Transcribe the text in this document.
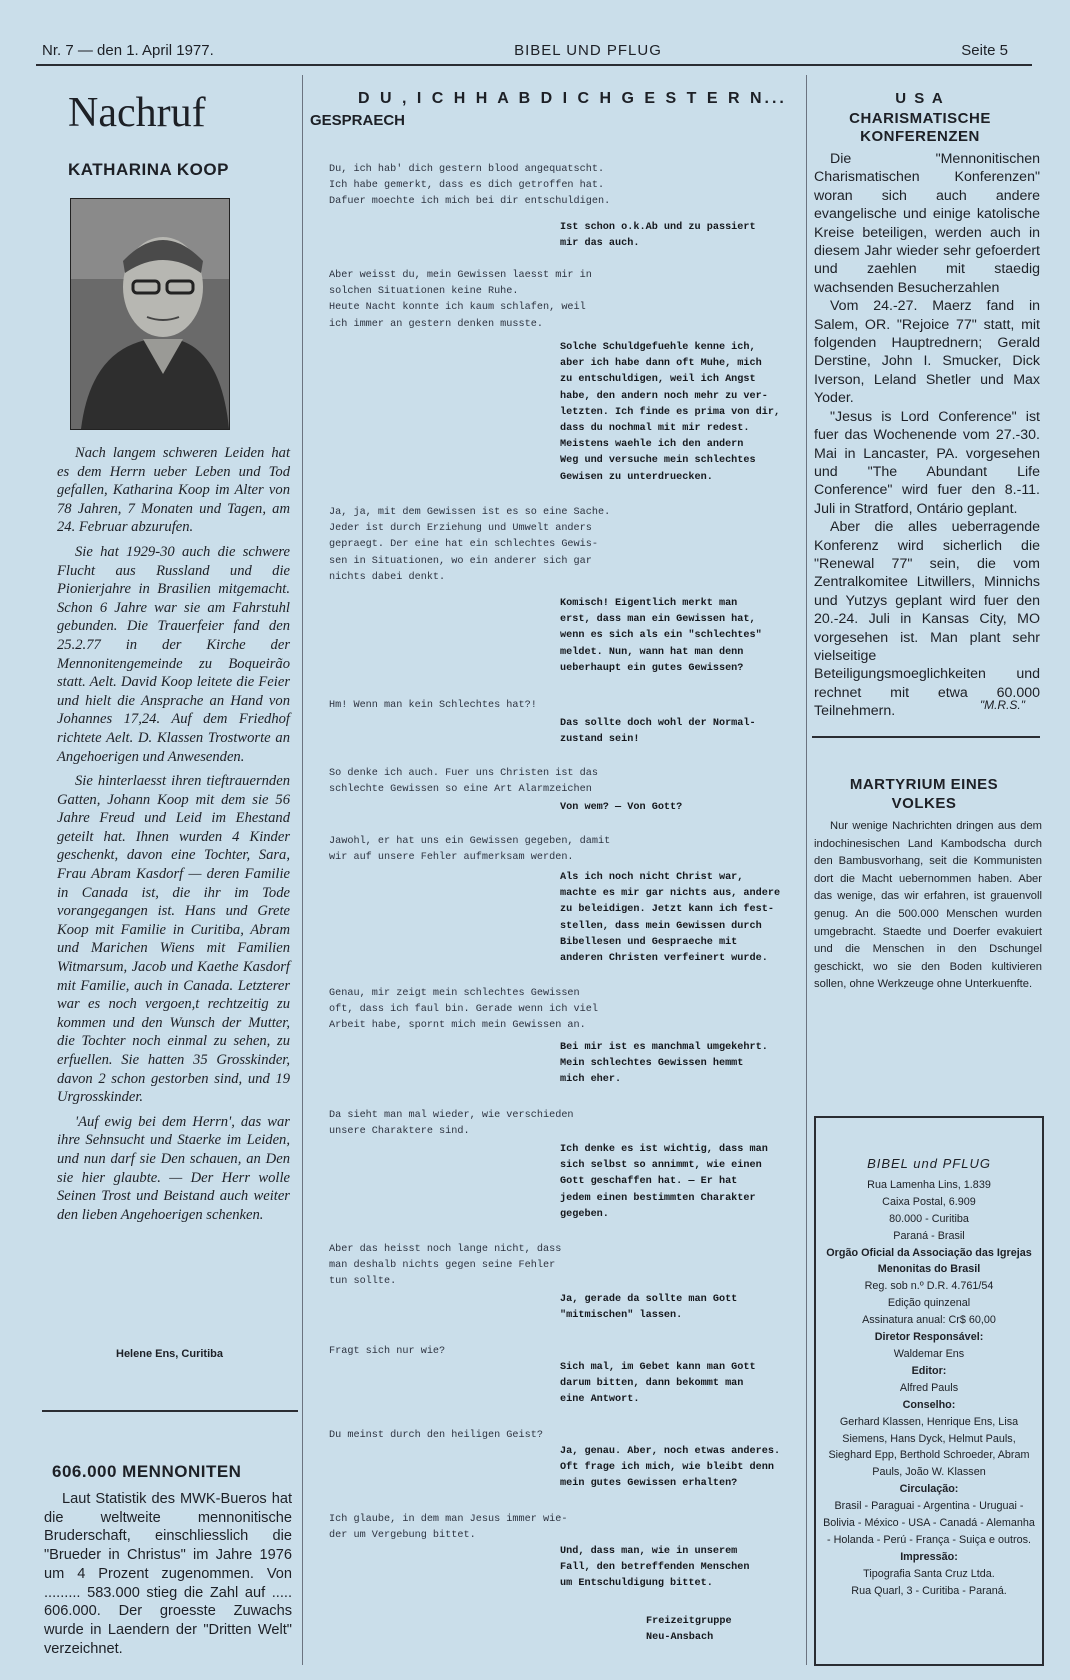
Nr. 7 — den 1. April 1977.	BIBEL UND PFLUG	Seite 5
Nachruf
KATHARINA KOOP

Nach langem schweren Leiden hat es dem Herrn ueber Leben und Tod gefallen, Katharina Koop im Alter von 78 Jahren, 7 Monaten und Tagen, am 24. Februar abzurufen.

Sie hat 1929-30 auch die schwere Flucht aus Russland und die Pionierjahre in Brasilien mitgemacht. Schon 6 Jahre war sie am Fahrstuhl gebunden. Die Trauerfeier fand den 25.2.77 in der Kirche der Mennonitengemeinde zu Boqueirão statt. Aelt. David Koop leitete die Feier und hielt die Ansprache an Hand von Johannes 17,24. Auf dem Friedhof richtete Aelt. D. Klassen Trostworte an Angehoerigen und Anwesenden.

Sie hinterlaesst ihren tieftrauernden Gatten, Johann Koop mit dem sie 56 Jahre Freud und Leid im Ehestand geteilt hat. Ihnen wurden 4 Kinder geschenkt, davon eine Tochter, Sara, Frau Abram Kasdorf — deren Familie in Canada ist, die ihr im Tode vorangegangen ist. Hans und Grete Koop mit Familie in Curitiba, Abram und Marichen Wiens mit Familien Witmarsum, Jacob und Kaethe Kasdorf mit Familie, auch in Canada. Letzterer war es noch vergoen,t rechtzeitig zu kommen und den Wunsch der Mutter, die Tochter noch einmal zu sehen, zu erfuellen. Sie hatten 35 Grosskinder, davon 2 schon gestorben sind, und 19 Urgrosskinder.

'Auf ewig bei dem Herrn', das war ihre Sehnsucht und Staerke im Leiden, und nun darf sie Den schauen, an Den sie hier glaubte. — Der Herr wolle Seinen Trost und Beistand auch weiter den lieben Angehoerigen schenken.

Helene Ens, Curitiba
606.000 MENNONITEN

Laut Statistik des MWK-Bueros hat die weltweite mennonitische Bruderschaft, einschliesslich die "Brueder in Christus" im Jahre 1976 um 4 Prozent zugenommen. Von ......... 583.000 stieg die Zahl auf ..... 606.000. Der groesste Zuwachs wurde in Laendern der "Dritten Welt" verzeichnet.

D U , I C H H A B D I C H G E S T E R N...
GESPRAECH
Du, ich hab' dich gestern blood angequatscht.
Ich habe gemerkt, dass es dich getroffen hat.
Dafuer moechte ich mich bei dir entschuldigen.
Aber weisst du, mein Gewissen laesst mir in
solchen Situationen keine Ruhe.
Heute Nacht konnte ich kaum schlafen, weil
ich immer an gestern denken musste.
Ja, ja, mit dem Gewissen ist es so eine Sache.
Jeder ist durch Erziehung und Umwelt anders
gepraegt. Der eine hat ein schlechtes Gewis-
sen in Situationen, wo ein anderer sich gar
nichts dabei denkt.
Hm! Wenn man kein Schlechtes hat?!
So denke ich auch. Fuer uns Christen ist das
schlechte Gewissen so eine Art Alarmzeichen
Jawohl, er hat uns ein Gewissen gegeben, damit
wir auf unsere Fehler aufmerksam werden.
Genau, mir zeigt mein schlechtes Gewissen
oft, dass ich faul bin. Gerade wenn ich viel
Arbeit habe, spornt mich mein Gewissen an.
Da sieht man mal wieder, wie verschieden
unsere Charaktere sind.
Aber das heisst noch lange nicht, dass
man deshalb nichts gegen seine Fehler
tun sollte.
Fragt sich nur wie?
Du meinst durch den heiligen Geist?
Ich glaube, in dem man Jesus immer wie-
der um Vergebung bittet.
Ist schon o.k.Ab und zu passiert
mir das auch.
Solche Schuldgefuehle kenne ich,
aber ich habe dann oft Muhe, mich
zu entschuldigen, weil ich Angst
habe, den andern noch mehr zu ver-
letzten. Ich finde es prima von dir,
dass du nochmal mit mir redest.
Meistens waehle ich den andern
Weg und versuche mein schlechtes
Gewisen zu unterdruecken.
Komisch! Eigentlich merkt man
erst, dass man ein Gewissen hat,
wenn es sich als ein "schlechtes"
meldet. Nun, wann hat man denn
ueberhaupt ein gutes Gewissen?
Das sollte doch wohl der Normal-
zustand sein!
Von wem? — Von Gott?
Als ich noch nicht Christ war,
machte es mir gar nichts aus, andere
zu beleidigen. Jetzt kann ich fest-
stellen, dass mein Gewissen durch
Bibellesen und Gespraeche mit
anderen Christen verfeinert wurde.
Bei mir ist es manchmal umgekehrt.
Mein schlechtes Gewissen hemmt
mich eher.
Ich denke es ist wichtig, dass man
sich selbst so annimmt, wie einen
Gott geschaffen hat. — Er hat
jedem einen bestimmten Charakter
gegeben.
Ja, gerade da sollte man Gott
"mitmischen" lassen.
Sich mal, im Gebet kann man Gott
darum bitten, dann bekommt man
eine Antwort.
Ja, genau. Aber, noch etwas anderes.
Oft frage ich mich, wie bleibt denn
mein gutes Gewissen erhalten?
Und, dass man, wie in unserem
Fall, den betreffenden Menschen
um Entschuldigung bittet.
Freizeitgruppe
Neu-Ansbach
U S A
CHARISMATISCHE
KONFERENZEN

Die "Mennonitischen Charismatischen Konferenzen" woran sich auch andere evangelische und einige katolische Kreise beteiligen, werden auch in diesem Jahr wieder sehr gefoerdert und zaehlen mit staedig wachsenden Besucherzahlen

Vom 24.-27. Maerz fand in Salem, OR. "Rejoice 77" statt, mit folgenden Hauptrednern; Gerald Derstine, John I. Smucker, Dick Iverson, Leland Shetler und Max Yoder.

"Jesus is Lord Conference" ist fuer das Wochenende vom 27.-30. Mai in Lancaster, PA. vorgesehen und "The Abundant Life Conference" wird fuer den 8.-11. Juli in Stratford, Ontário geplant.

Aber die alles ueberragende Konferenz wird sicherlich die "Renewal 77" sein, die vom Zentralkomitee Litwillers, Minnichs und Yutzys geplant wird fuer den 20.-24. Juli in Kansas City, MO vorgesehen ist. Man plant sehr vielseitige Beteiligungsmoeglichkeiten und rechnet mit etwa 60.000 Teilnehmern.	"M.R.S."
MARTYRIUM EINES
VOLKES

Nur wenige Nachrichten dringen aus dem indochinesischen Land Kambodscha durch den Bambusvorhang, seit die Kommunisten dort die Macht uebernommen haben. Aber das wenige, das wir erfahren, ist grauenvoll genug. An die 500.000 Menschen wurden umgebracht. Staedte und Doerfer evakuiert und die Menschen in den Dschungel geschickt, wo sie den Boden kultivieren sollen, ohne Werkzeuge ohne Unterkuenfte.

BIBEL und PFLUG
Rua Lamenha Lins, 1.839
Caixa Postal, 6.909
80.000 - Curitiba
Paraná - Brasil
Orgão Oficial da Associação das Igrejas Menonitas do Brasil
Reg. sob n.º D.R. 4.761/54
Edição quinzenal
Assinatura anual: Cr$ 60,00
Diretor Responsável:
Waldemar Ens
Editor:
Alfred Pauls
Conselho:
Gerhard Klassen, Henrique Ens, Lisa Siemens, Hans Dyck, Helmut Pauls, Sieghard Epp, Berthold Schroeder, Abram Pauls, João W. Klassen
Circulação:
Brasil - Paraguai - Argentina - Uruguai - Bolivia - México - USA - Canadá - Alemanha - Holanda - Perú - França - Suiça e outros.
Impressão:
Tipografia Santa Cruz Ltda.
Rua Quarl, 3 - Curitiba - Paraná.
